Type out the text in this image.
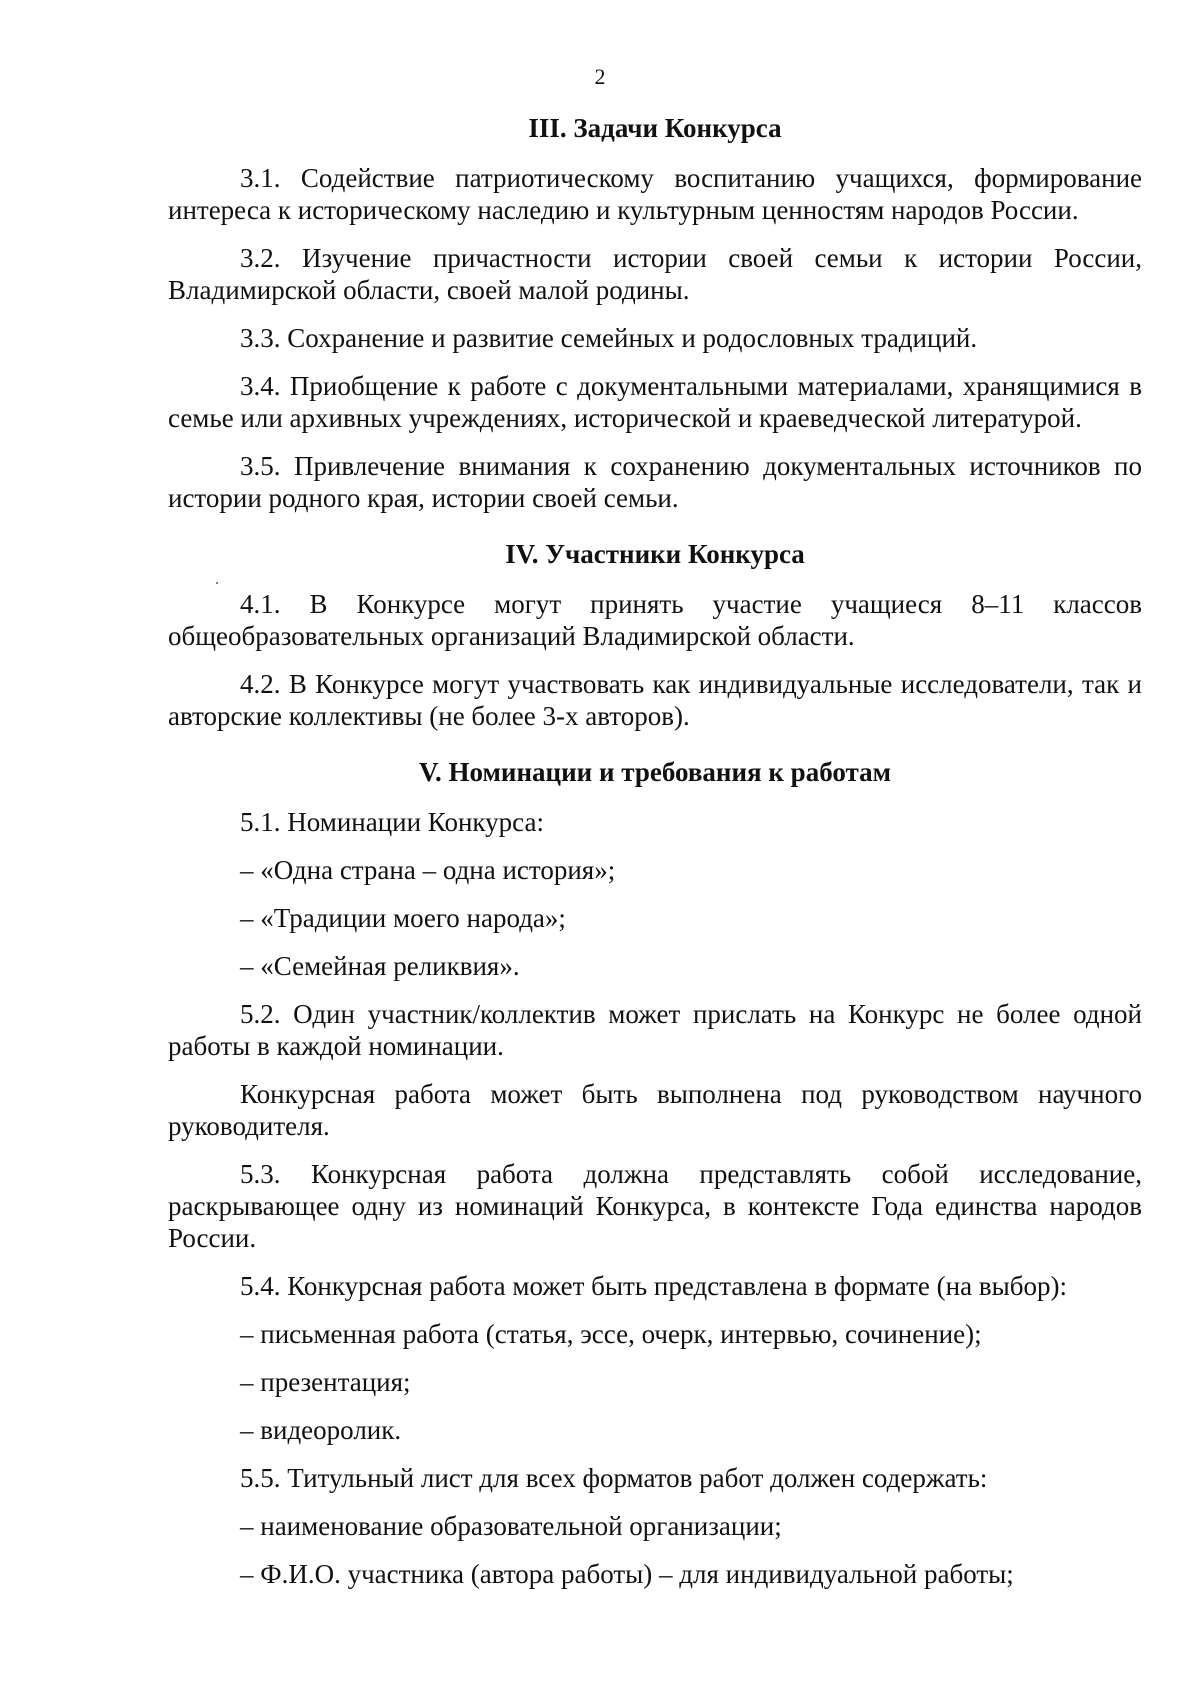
2
III. Задачи Конкурса

3.1. Содействие патриотическому воспитанию учащихся, формирование интереса к историческому наследию и культурным ценностям народов России.

3.2. Изучение причастности истории своей семьи к истории России, Владимирской области, своей малой родины.

3.3. Сохранение и развитие семейных и родословных традиций.

3.4. Приобщение к работе с документальными материалами, хранящимися в семье или архивных учреждениях, исторической и краеведческой литературой.

3.5. Привлечение внимания к сохранению документальных источников по истории родного края, истории своей семьи.

IV. Участники Конкурса

4.1. В Конкурсе могут принять участие учащиеся 8–11 классов общеобразовательных организаций Владимирской области.

4.2. В Конкурсе могут участвовать как индивидуальные исследователи, так и авторские коллективы (не более 3-х авторов).

V. Номинации и требования к работам

5.1. Номинации Конкурса:

– «Одна страна – одна история»;

– «Традиции моего народа»;

– «Семейная реликвия».

5.2. Один участник/коллектив может прислать на Конкурс не более одной работы в каждой номинации.

Конкурсная работа может быть выполнена под руководством научного руководителя.

5.3. Конкурсная работа должна представлять собой исследование, раскрывающее одну из номинаций Конкурса, в контексте Года единства народов России.

5.4. Конкурсная работа может быть представлена в формате (на выбор):

– письменная работа (статья, эссе, очерк, интервью, сочинение);

– презентация;

– видеоролик.

5.5. Титульный лист для всех форматов работ должен содержать:

– наименование образовательной организации;

– Ф.И.О. участника (автора работы) – для индивидуальной работы;
